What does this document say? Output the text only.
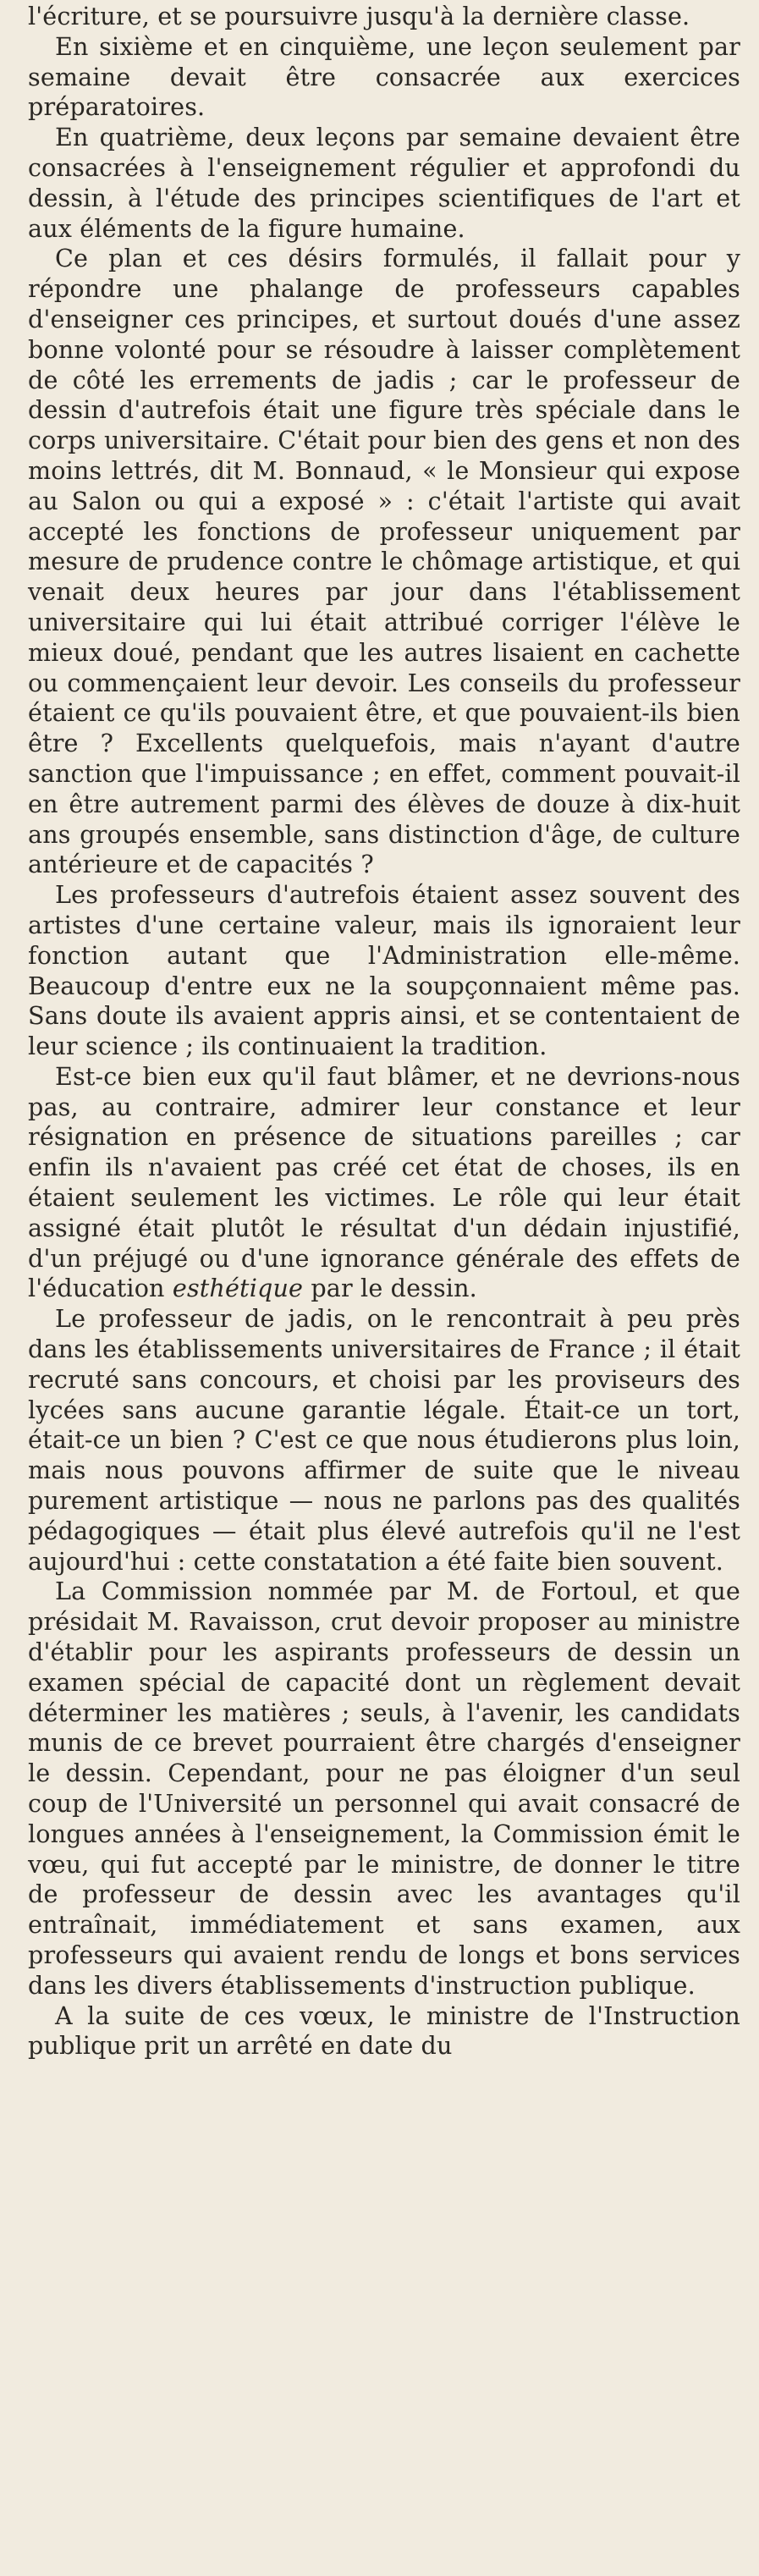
l'écriture, et se poursuivre jusqu'à la dernière classe.

En sixième et en cinquième, une leçon seulement par semaine devait être consacrée aux exercices préparatoires.

En quatrième, deux leçons par semaine devaient être consacrées à l'enseignement régulier et approfondi du dessin, à l'étude des principes scientifiques de l'art et aux éléments de la figure humaine.

Ce plan et ces désirs formulés, il fallait pour y répondre une phalange de professeurs capables d'enseigner ces principes, et surtout doués d'une assez bonne volonté pour se résoudre à laisser complètement de côté les errements de jadis ; car le professeur de dessin d'autrefois était une figure très spéciale dans le corps universitaire. C'était pour bien des gens et non des moins lettrés, dit M. Bonnaud, « le Monsieur qui expose au Salon ou qui a exposé » : c'était l'artiste qui avait accepté les fonctions de professeur uniquement par mesure de prudence contre le chômage artistique, et qui venait deux heures par jour dans l'établissement universitaire qui lui était attribué corriger l'élève le mieux doué, pendant que les autres lisaient en cachette ou commençaient leur devoir. Les conseils du professeur étaient ce qu'ils pouvaient être, et que pouvaient-ils bien être ? Excellents quelquefois, mais n'ayant d'autre sanction que l'impuissance ; en effet, comment pouvait-il en être autrement parmi des élèves de douze à dix-huit ans groupés ensemble, sans distinction d'âge, de culture antérieure et de capacités ?

Les professeurs d'autrefois étaient assez souvent des artistes d'une certaine valeur, mais ils ignoraient leur fonction autant que l'Administration elle-même. Beaucoup d'entre eux ne la soupçonnaient même pas. Sans doute ils avaient appris ainsi, et se contentaient de leur science ; ils continuaient la tradition.

Est-ce bien eux qu'il faut blâmer, et ne devrions-nous pas, au contraire, admirer leur constance et leur résignation en présence de situations pareilles ; car enfin ils n'avaient pas créé cet état de choses, ils en étaient seulement les victimes. Le rôle qui leur était assigné était plutôt le résultat d'un dédain injustifié, d'un préjugé ou d'une ignorance générale des effets de l'éducation esthétique par le dessin.

Le professeur de jadis, on le rencontrait à peu près dans les établissements universitaires de France ; il était recruté sans concours, et choisi par les proviseurs des lycées sans aucune garantie légale. Était-ce un tort, était-ce un bien ? C'est ce que nous étudierons plus loin, mais nous pouvons affirmer de suite que le niveau purement artistique — nous ne parlons pas des qualités pédagogiques — était plus élevé autrefois qu'il ne l'est aujourd'hui : cette constatation a été faite bien souvent.

La Commission nommée par M. de Fortoul, et que présidait M. Ravaisson, crut devoir proposer au ministre d'établir pour les aspirants professeurs de dessin un examen spécial de capacité dont un règlement devait déterminer les matières ; seuls, à l'avenir, les candidats munis de ce brevet pourraient être chargés d'enseigner le dessin. Cependant, pour ne pas éloigner d'un seul coup de l'Université un personnel qui avait consacré de longues années à l'enseignement, la Commission émit le vœu, qui fut accepté par le ministre, de donner le titre de professeur de dessin avec les avantages qu'il entraînait, immédiatement et sans examen, aux professeurs qui avaient rendu de longs et bons services dans les divers établissements d'instruction publique.

A la suite de ces vœux, le ministre de l'Instruction publique prit un arrêté en date du
